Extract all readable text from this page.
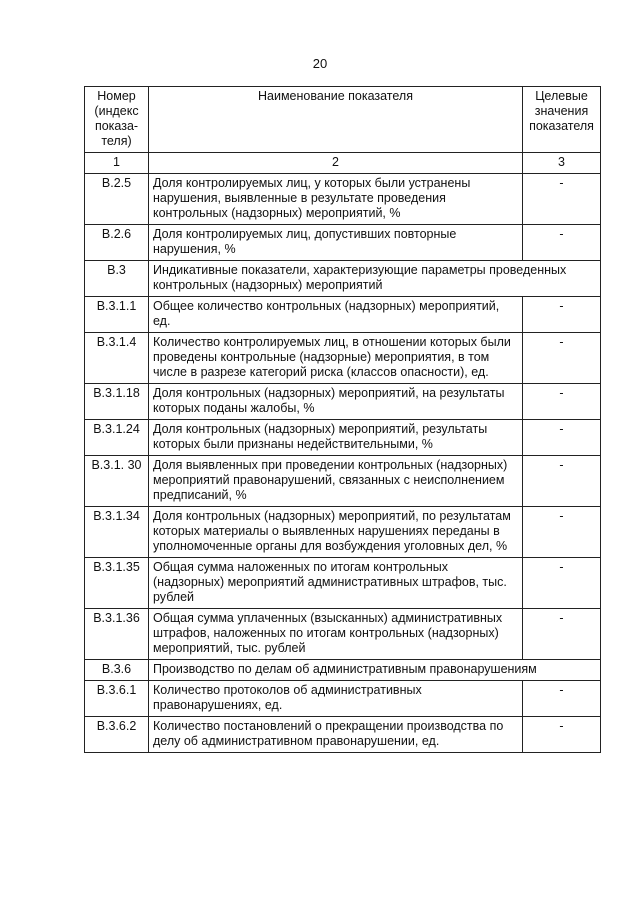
20
Номер (индекс показа-теля)	Наименование показателя	Целевые значения показателя
1	2	3
В.2.5	Доля контролируемых лиц, у которых были устранены нарушения, выявленные в результате проведения контрольных (надзорных) мероприятий, %	-
В.2.6	Доля контролируемых лиц, допустивших повторные нарушения, %	-
В.3	Индикативные показатели, характеризующие параметры проведенных контрольных (надзорных) мероприятий	
В.3.1.1	Общее количество контрольных (надзорных) мероприятий, ед.	-
В.3.1.4	Количество контролируемых лиц, в отношении которых были проведены контрольные (надзорные) мероприятия, в том числе в разрезе категорий риска (классов опасности), ед.	-
В.3.1.18	Доля контрольных (надзорных) мероприятий, на результаты которых поданы жалобы, %	-
В.3.1.24	Доля контрольных (надзорных) мероприятий, результаты которых были признаны недействительными, %	-
В.3.1. 30	Доля выявленных при проведении контрольных (надзорных) мероприятий правонарушений, связанных с неисполнением предписаний, %	-
В.3.1.34	Доля контрольных (надзорных) мероприятий, по результатам которых материалы о выявленных нарушениях переданы в уполномоченные органы для возбуждения уголовных дел, %	-
В.3.1.35	Общая сумма наложенных по итогам контрольных (надзорных) мероприятий административных штрафов, тыс. рублей	-
В.3.1.36	Общая сумма уплаченных (взысканных) административных штрафов, наложенных по итогам контрольных (надзорных) мероприятий, тыс. рублей	-
В.3.6	Производство по делам об административным правонарушениям	
В.3.6.1	Количество протоколов об административных правонарушениях, ед.	-
В.3.6.2	Количество постановлений о прекращении производства по делу об административном правонарушении, ед.	-
